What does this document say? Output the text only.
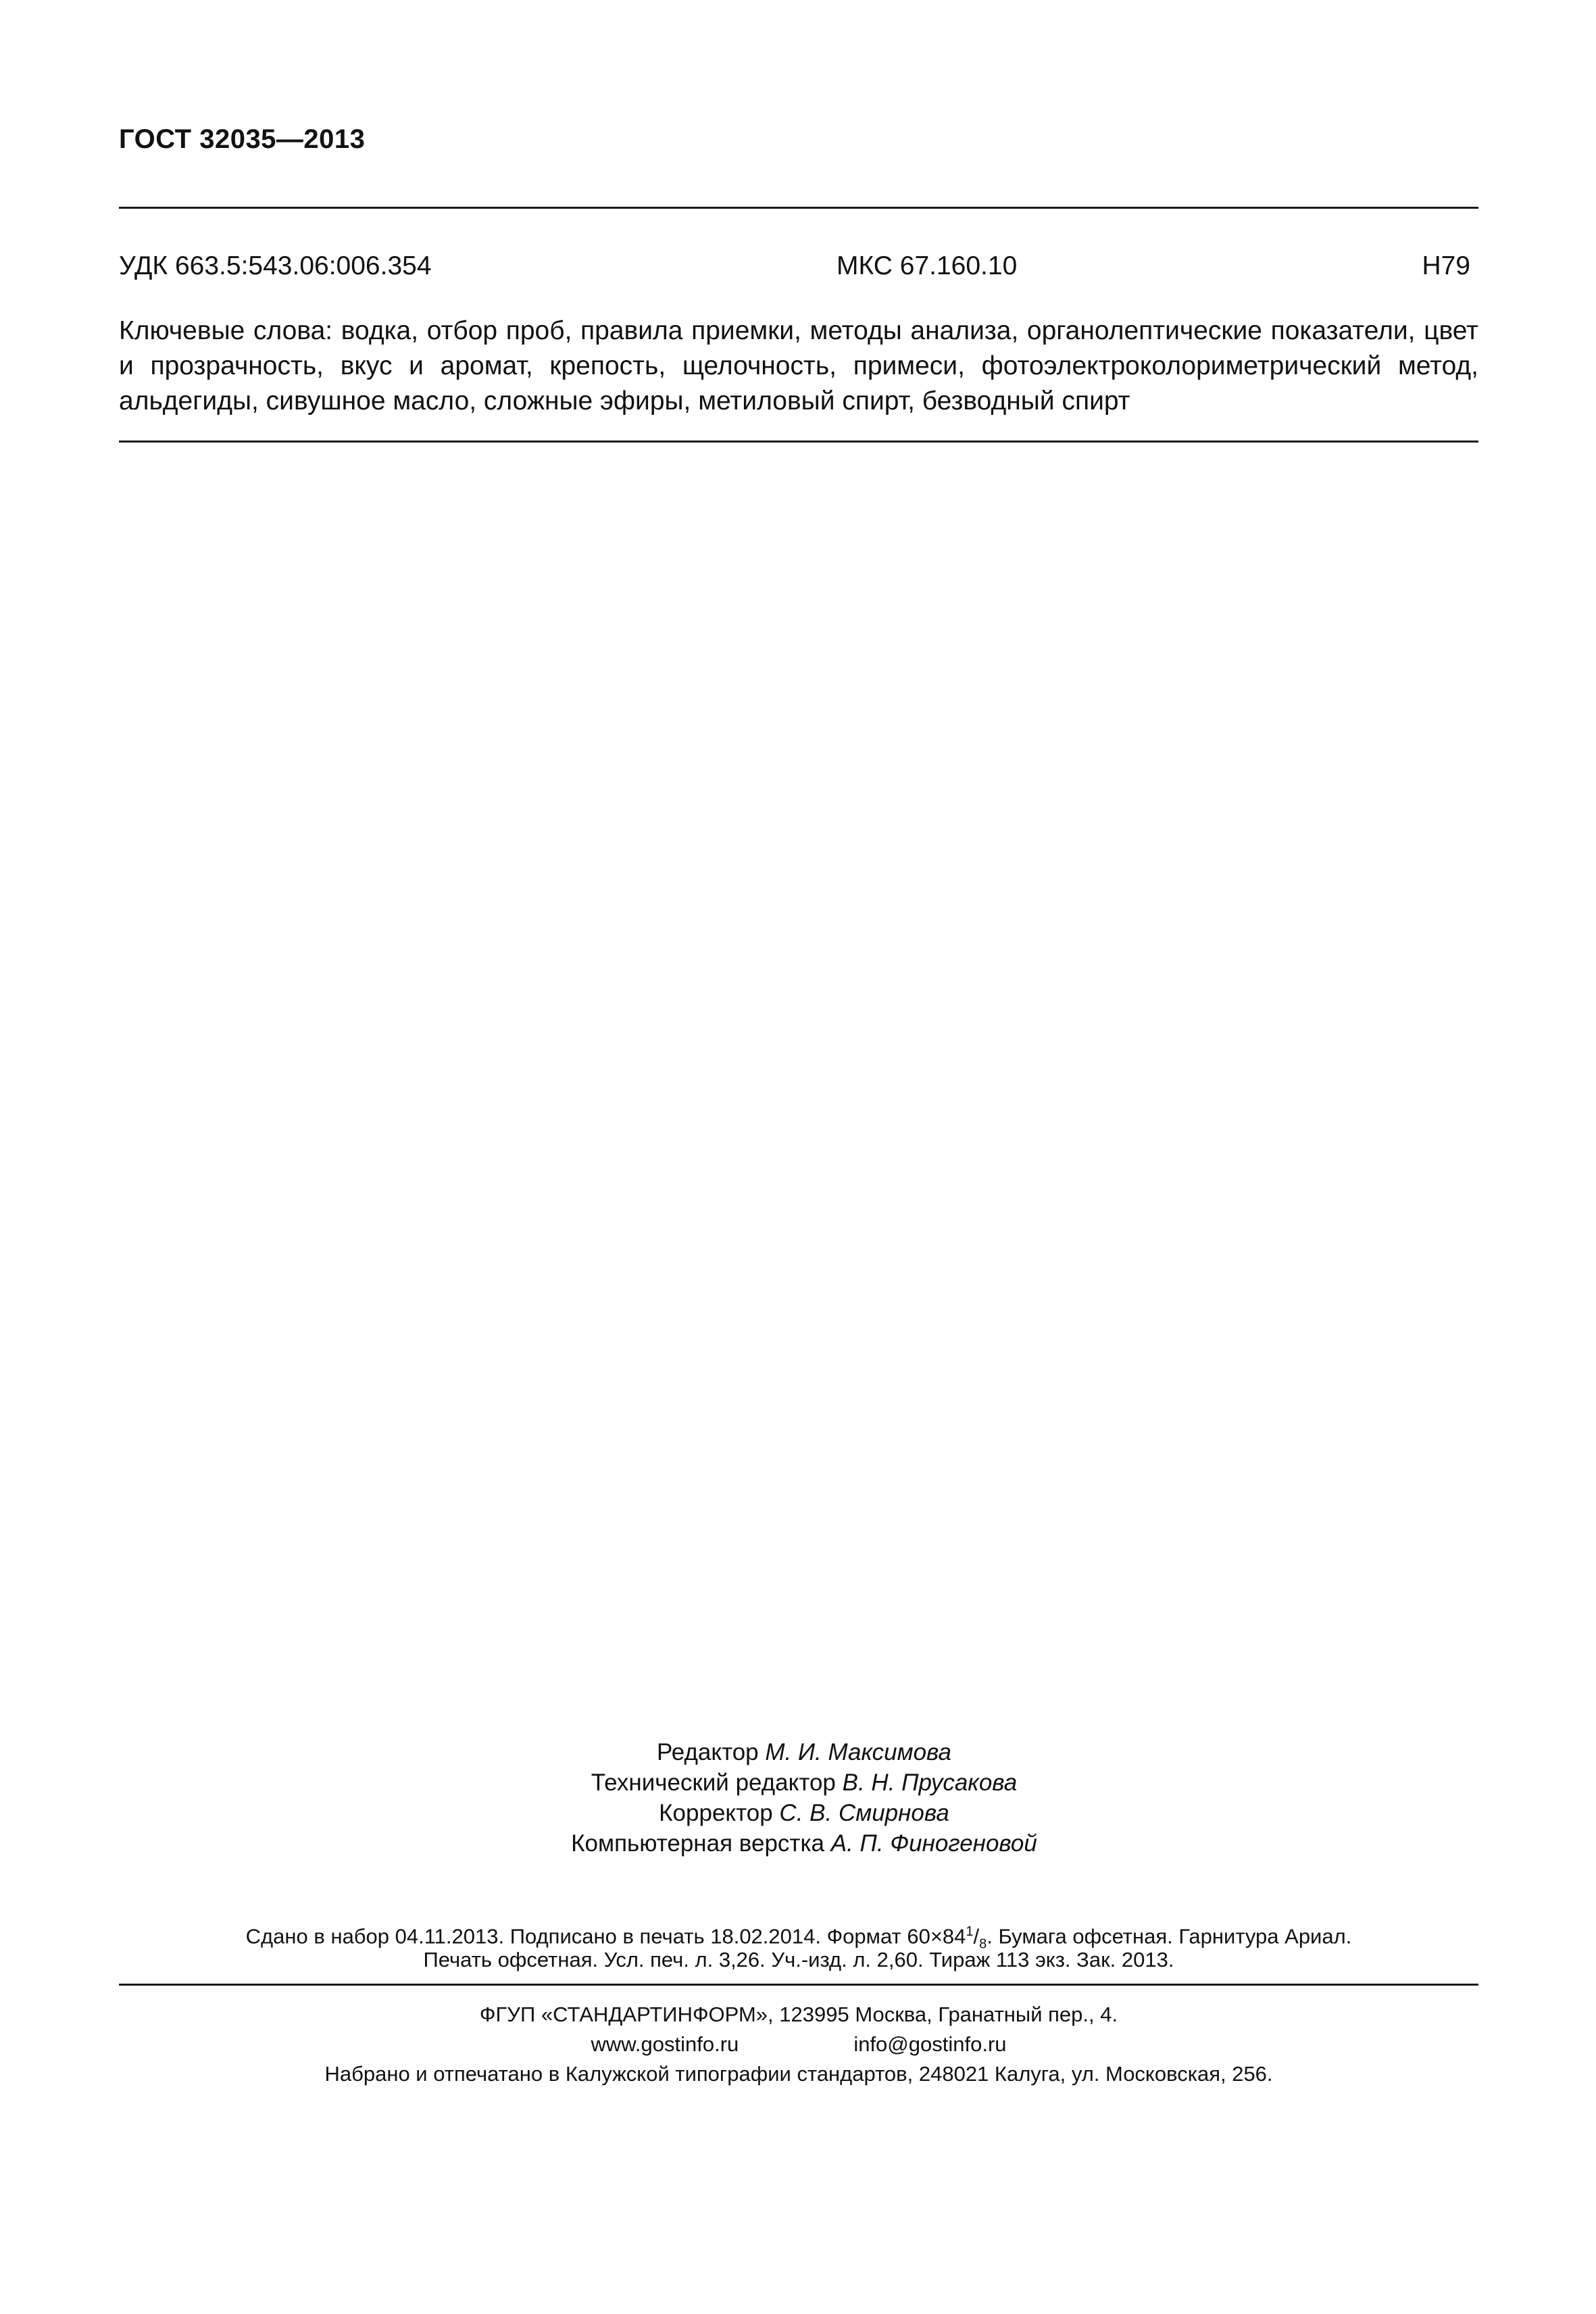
ГОСТ 32035—2013
УДК 663.5:543.06:006.354	МКС 67.160.10	Н79
Ключевые слова: водка, отбор проб, правила приемки, методы анализа, органолептические показатели, цвет и прозрачность, вкус и аромат, крепость, щелочность, примеси, фотоэлектроколориметрический метод, альдегиды, сивушное масло, сложные эфиры, метиловый спирт, безводный спирт
Редактор М. И. Максимова
Технический редактор В. Н. Прусакова
Корректор С. В. Смирнова
Компьютерная верстка А. П. Финогеновой
Сдано в набор 04.11.2013. Подписано в печать 18.02.2014. Формат $60\times 84^1/_8$. Бумага офсетная. Гарнитура Ариал.
Печать офсетная. Усл. печ. л. 3,26. Уч.-изд. л. 2,60. Тираж 113 экз. Зак. 2013.
ФГУП «СТАНДАРТИНФОРМ», 123995 Москва, Гранатный пер., 4.
www.gostinfo.ru	info@gostinfo.ru
Набрано и отпечатано в Калужской типографии стандартов, 248021 Калуга, ул. Московская, 256.
